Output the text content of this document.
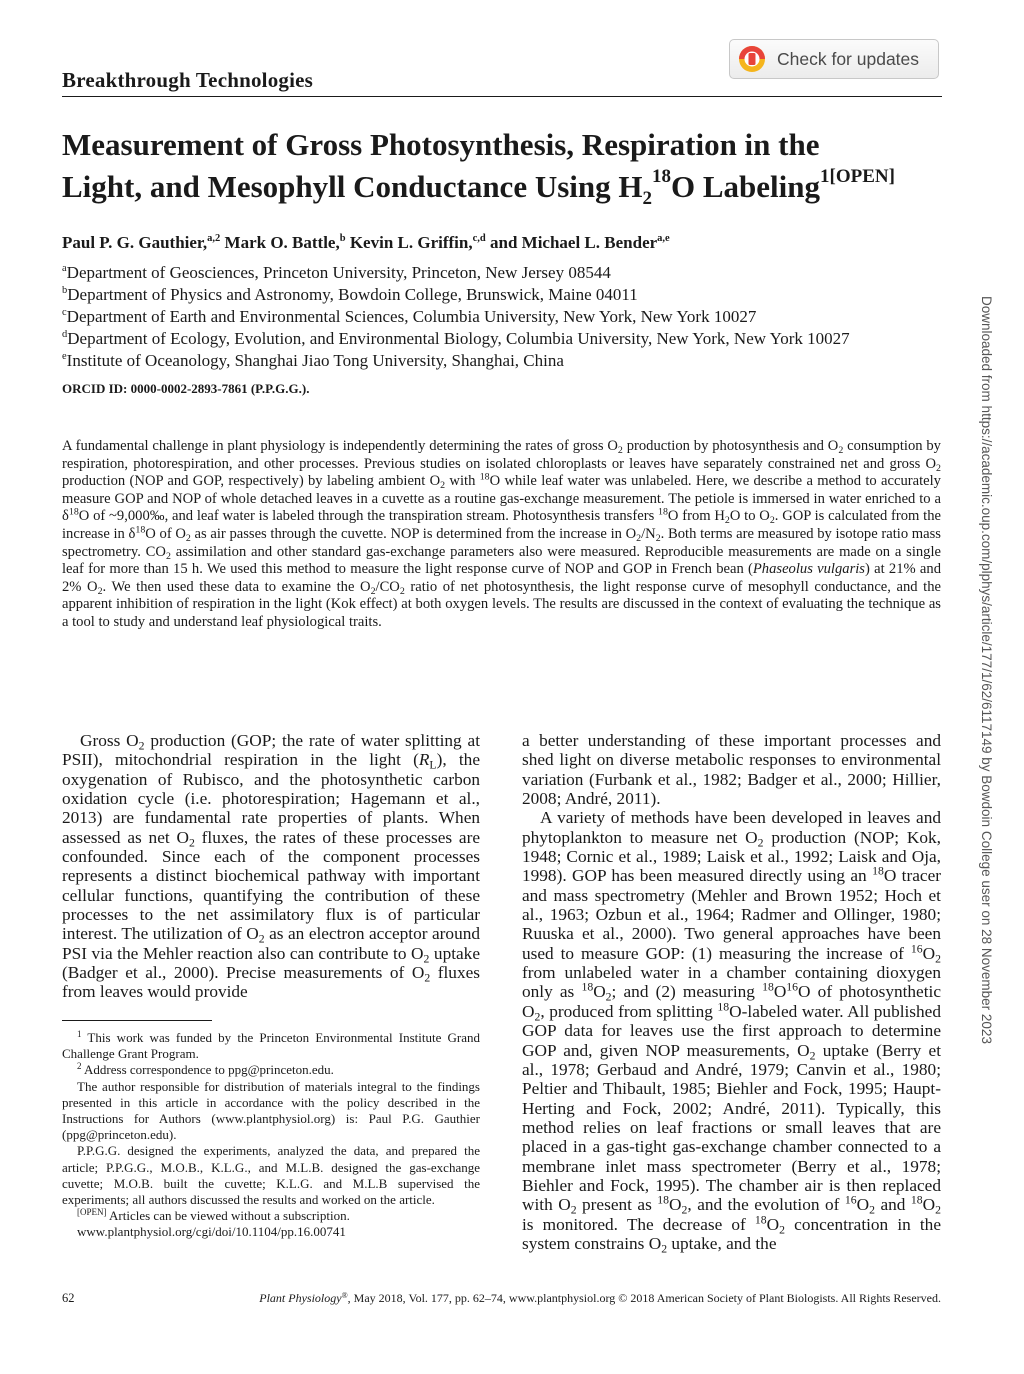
Breakthrough Technologies
Check for updates
Measurement of Gross Photosynthesis, Respiration in the
Light, and Mesophyll Conductance Using $H_2^{18}O$ Labeling$^{1[OPEN]}$
Paul P. G. Gauthier,$^{a,2}$ Mark O. Battle,$^b$ Kevin L. Griffin,$^{c,d}$ and Michael L. Bender$^{a,e}$
$^a$Department of Geosciences, Princeton University, Princeton, New Jersey 08544
$^b$Department of Physics and Astronomy, Bowdoin College, Brunswick, Maine 04011
$^c$Department of Earth and Environmental Sciences, Columbia University, New York, New York 10027
$^d$Department of Ecology, Evolution, and Environmental Biology, Columbia University, New York, New York 10027
$^e$Institute of Oceanology, Shanghai Jiao Tong University, Shanghai, China
ORCID ID: 0000-0002-2893-7861 (P.P.G.G.).
A fundamental challenge in plant physiology is independently determining the rates of gross $O_2$ production by photosynthesis and $O_2$ consumption by respiration, photorespiration, and other processes. Previous studies on isolated chloroplasts or leaves have separately constrained net and gross $O_2$ production (NOP and GOP, respectively) by labeling ambient $O_2$ with $^{18}$O while leaf water was unlabeled. Here, we describe a method to accurately measure GOP and NOP of whole detached leaves in a cuvette as a routine gas-exchange measurement. The petiole is immersed in water enriched to a $\delta^{18}O$ of ~9,000‰, and leaf water is labeled through the transpiration stream. Photosynthesis transfers $^{18}$O from $H_2O$ to $O_2$. GOP is calculated from the increase in $\delta^{18}O$ of $O_2$ as air passes through the cuvette. NOP is determined from the increase in $O_2/N_2$. Both terms are measured by isotope ratio mass spectrometry. $CO_2$ assimilation and other standard gas-exchange parameters also were measured. Reproducible measurements are made on a single leaf for more than 15 h. We used this method to measure the light response curve of NOP and GOP in French bean (Phaseolus vulgaris) at 21% and 2% $O_2$. We then used these data to examine the $O_2/CO_2$ ratio of net photosynthesis, the light response curve of mesophyll conductance, and the apparent inhibition of respiration in the light (Kok effect) at both oxygen levels. The results are discussed in the context of evaluating the technique as a tool to study and understand leaf physiological traits.

Gross $O_2$ production (GOP; the rate of water splitting at PSII), mitochondrial respiration in the light $(R_L)$, the oxygenation of Rubisco, and the photosynthetic carbon oxidation cycle (i.e. photorespiration; Hagemann et al., 2013) are fundamental rate properties of plants. When assessed as net $O_2$ fluxes, the rates of these processes are confounded. Since each of the component processes represents a distinct biochemical pathway with important cellular functions, quantifying the contribution of these processes to the net assimilatory flux is of particular interest. The utilization of $O_2$ as an electron acceptor around PSI via the Mehler reaction also can contribute to $O_2$ uptake (Badger et al., 2000). Precise measurements of $O_2$ fluxes from leaves would provide

a better understanding of these important processes and shed light on diverse metabolic responses to environmental variation (Furbank et al., 1982; Badger et al., 2000; Hillier, 2008; André, 2011).

A variety of methods have been developed in leaves and phytoplankton to measure net $O_2$ production (NOP; Kok, 1948; Cornic et al., 1989; Laisk et al., 1992; Laisk and Oja, 1998). GOP has been measured directly using an $^{18}$O tracer and mass spectrometry (Mehler and Brown 1952; Hoch et al., 1963; Ozbun et al., 1964; Radmer and Ollinger, 1980; Ruuska et al., 2000). Two general approaches have been used to measure GOP: (1) measuring the increase of $^{16}O_2$ from unlabeled water in a chamber containing dioxygen only as $^{18}O_2$; and (2) measuring $^{18}O^{16}O$ of photosynthetic $O_2$, produced from splitting $^{18}$O-labeled water. All published GOP data for leaves use the first approach to determine GOP and, given NOP measurements, $O_2$ uptake (Berry et al., 1978; Gerbaud and André, 1979; Canvin et al., 1980; Peltier and Thibault, 1985; Biehler and Fock, 1995; Haupt-Herting and Fock, 2002; André, 2011). Typically, this method relies on leaf fractions or small leaves that are placed in a gas-tight gas-exchange chamber connected to a membrane inlet mass spectrometer (Berry et al., 1978; Biehler and Fock, 1995). The chamber air is then replaced with $O_2$ present as $^{18}O_2$, and the evolution of $^{16}O_2$ and $^{18}O_2$ is monitored. The decrease of $^{18}O_2$ concentration in the system constrains $O_2$ uptake, and the

$^1$ This work was funded by the Princeton Environmental Institute Grand Challenge Grant Program.

$^2$ Address correspondence to ppg@princeton.edu.

The author responsible for distribution of materials integral to the findings presented in this article in accordance with the policy described in the Instructions for Authors (www.plantphysiol.org) is: Paul P.G. Gauthier (ppg@princeton.edu).

P.P.G.G. designed the experiments, analyzed the data, and prepared the article; P.P.G.G., M.O.B., K.L.G., and M.L.B. designed the gas-exchange cuvette; M.O.B. built the cuvette; K.L.G. and M.L.B supervised the experiments; all authors discussed the results and worked on the article.

[OPEN] Articles can be viewed without a subscription.

www.plantphysiol.org/cgi/doi/10.1104/pp.16.00741

62	Plant Physiology®, May 2018, Vol. 177, pp. 62–74, www.plantphysiol.org © 2018 American Society of Plant Biologists. All Rights Reserved.
Downloaded from https://academic.oup.com/plphys/article/177/1/62/6117149 by Bowdoin College user on 28 November 2023
